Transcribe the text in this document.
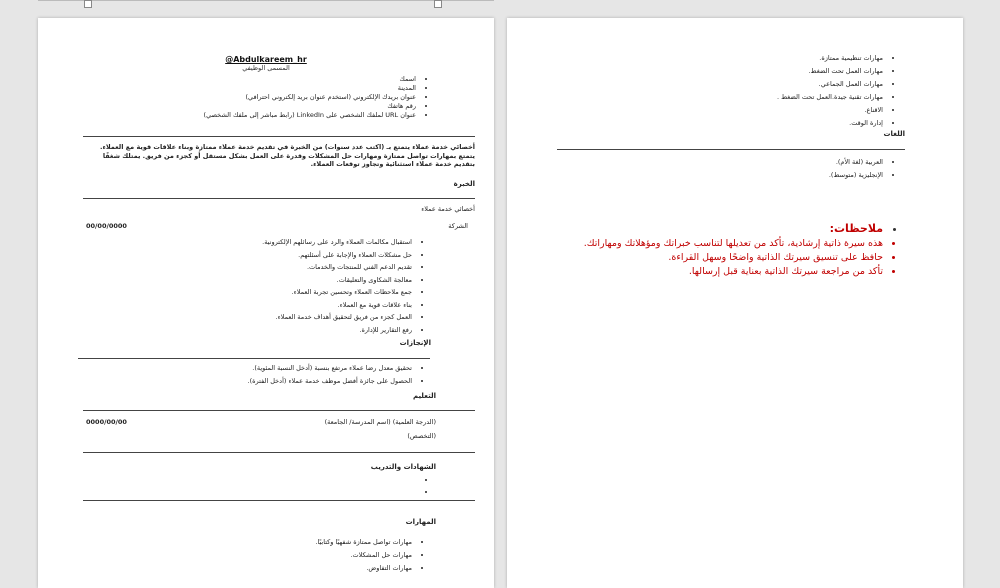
@Abdulkareem_hr
المسمى الوظيفي
• اسمك
• المدينة
• عنوان بريدك الإلكتروني (استخدم عنوان بريد إلكتروني احترافي)
• رقم هاتفك
• عنوان URL لملفك الشخصي على LinkedIn (رابط مباشر إلى ملفك الشخصي)
أخصائي خدمة عملاء يتمتع بـ (اكتب عدد سنوات) من الخبرة في تقديم خدمة عملاء ممتازة وبناء علاقات قوية مع العملاء. يتمتع بمهارات تواصل ممتازة ومهارات حل المشكلات وقدرة على العمل بشكل مستقل أو كجزء من فريق. يمتلك شغفًا بتقديم خدمة عملاء استثنائية وتجاوز توقعات العملاء.
الخبرة
أخصائي خدمة عملاء
الشركة
00/00/0000
• استقبال مكالمات العملاء والرد على رسائلهم الإلكترونية.
• حل مشكلات العملاء والإجابة على أسئلتهم.
• تقديم الدعم الفني للمنتجات والخدمات.
• معالجة الشكاوى والتعليقات.
• جمع ملاحظات العملاء وتحسين تجربة العملاء.
• بناء علاقات قوية مع العملاء.
• العمل كجزء من فريق لتحقيق أهداف خدمة العملاء.
• رفع التقارير للإدارة.
الإنجازات
• تحقيق معدل رضا عملاء مرتفع بنسبة (أدخل النسبة المئوية).
• الحصول على جائزة أفضل موظف خدمة عملاء (أدخل الفترة).
التعليم
(الدرجة العلمية) (اسم المدرسة/ الجامعة)
0000/00/00
(التخصص)
الشهادات والتدريب
•
•
المهارات
• مهارات تواصل ممتازة شفهيًا وكتابيًا.
• مهارات حل المشكلات.
• مهارات التفاوض.
• مهارات تنظيمية ممتازة.
• مهارات العمل تحت الضغط.
• مهارات العمل الجماعي.
• مهارات تقنية جيدة.العمل تحت الضغط .
• الاقناع.
• إدارة الوقت.
اللغات
• العربية (لغة الأم).
• الإنجليزية (متوسط).
• ملاحظات:
• هذه سيرة ذاتية إرشادية، تأكد من تعديلها لتناسب خبراتك ومؤهلاتك ومهاراتك.
• حافظ على تنسيق سيرتك الذاتية واضحًا وسهل القراءة.
• تأكد من مراجعة سيرتك الذاتية بعناية قبل إرسالها.
